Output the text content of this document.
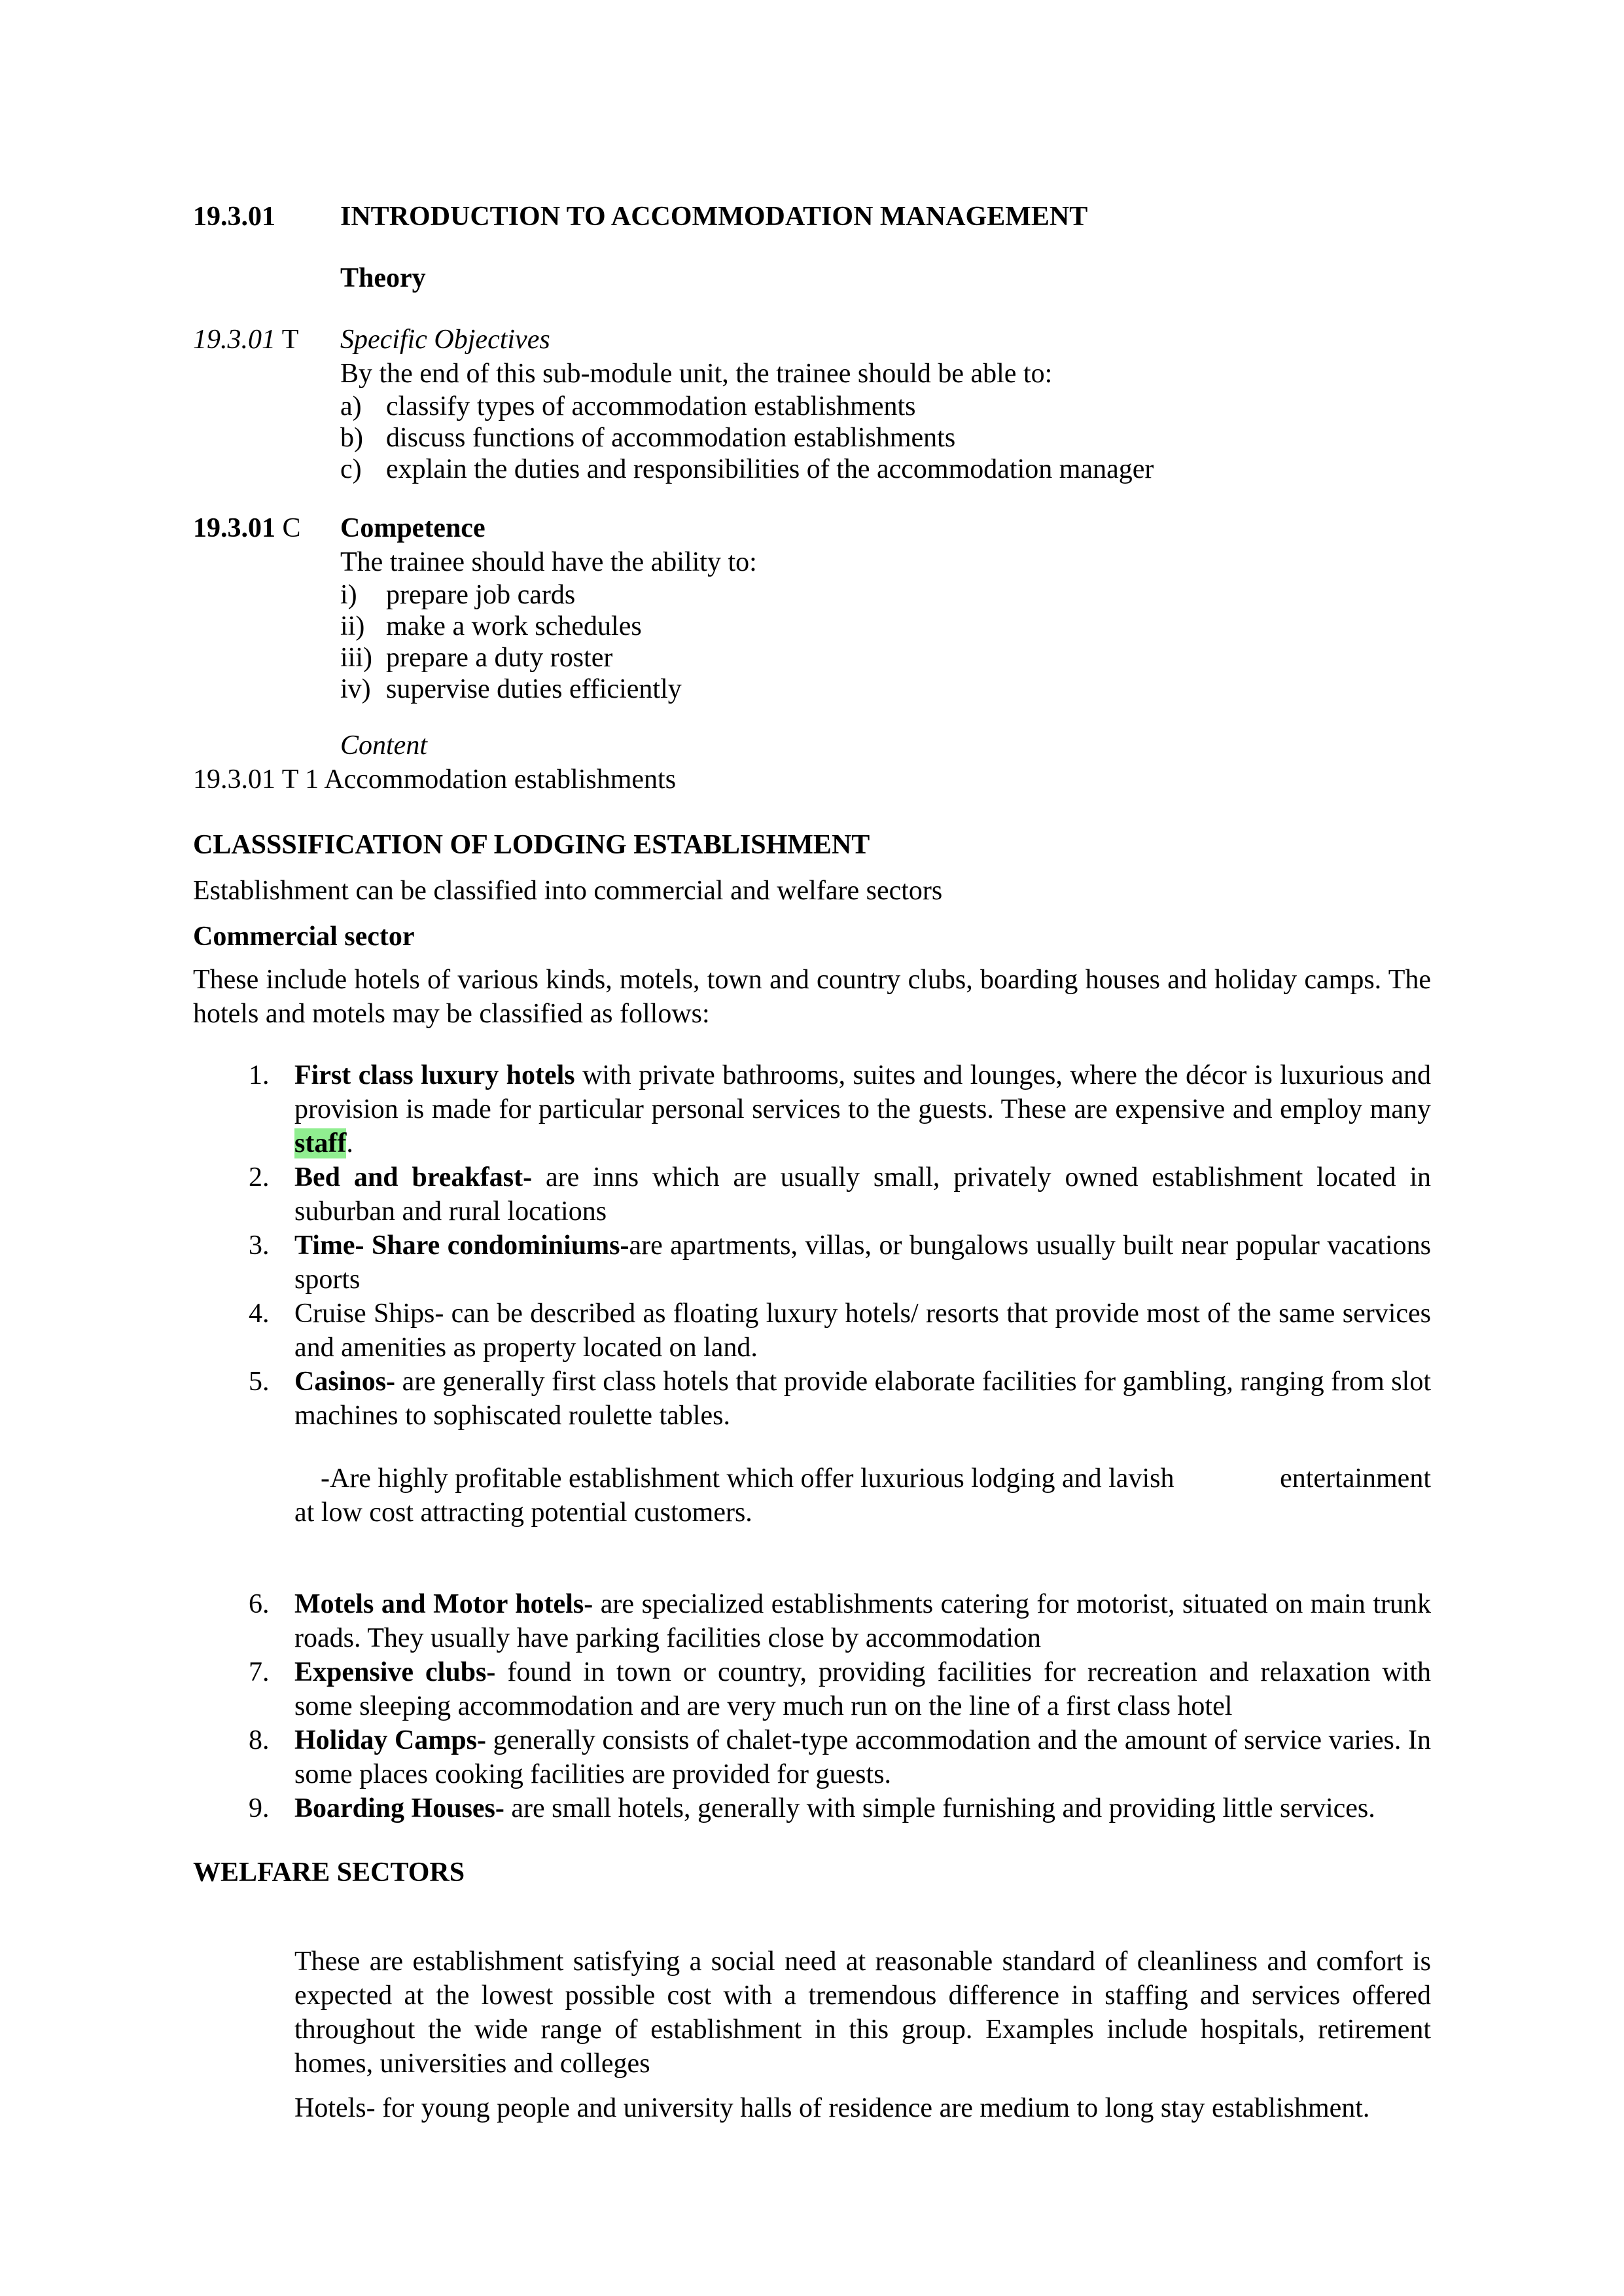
19.3.01	INTRODUCTION TO ACCOMMODATION MANAGEMENT
Theory
19.3.01 T	Specific Objectives
By the end of this sub-module unit, the trainee should be able to:
a) classify types of accommodation establishments
b) discuss functions of accommodation establishments
c) explain the duties and responsibilities of the accommodation manager
19.3.01 C	Competence
The trainee should have the ability to:
i)	prepare job cards
ii) make a work schedules
iii) prepare a duty roster
iv) supervise duties efficiently
Content
19.3.01 T 1 Accommodation establishments
CLASSSIFICATION OF LODGING ESTABLISHMENT
Establishment can be classified into commercial and welfare sectors
Commercial sector
These include hotels of various kinds, motels, town and country clubs, boarding houses and holiday camps. The hotels and motels may be classified as follows:
1. First class luxury hotels with private bathrooms, suites and lounges, where the décor is luxurious and provision is made for particular personal services to the guests. These are expensive and employ many staff.
2. Bed and breakfast- are inns which are usually small, privately owned establishment located in suburban and rural locations
3. Time- Share condominiums-are apartments, villas, or bungalows usually built near popular vacations sports
4. Cruise Ships- can be described as floating luxury hotels/ resorts that provide most of the same services and amenities as property located on land.
5. Casinos- are generally first class hotels that provide elaborate facilities for gambling, ranging from slot machines to sophiscated roulette tables.
-Are highly profitable establishment which offer luxurious lodging and lavish	entertainment
at low cost attracting potential customers.
6. Motels and Motor hotels- are specialized establishments catering for motorist, situated on main trunk roads. They usually have parking facilities close by accommodation
7. Expensive clubs- found in town or country, providing facilities for recreation and relaxation with some sleeping accommodation and are very much run on the line of a first class hotel
8. Holiday Camps- generally consists of chalet-type accommodation and the amount of service varies. In some places cooking facilities are provided for guests.
9. Boarding Houses- are small hotels, generally with simple furnishing and providing little services.
WELFARE SECTORS
These are establishment satisfying a social need at reasonable standard of cleanliness and comfort is expected at the lowest possible cost with a tremendous difference in staffing and services offered throughout the wide range of establishment in this group. Examples include hospitals, retirement homes, universities and colleges
Hotels- for young people and university halls of residence are medium to long stay establishment.
